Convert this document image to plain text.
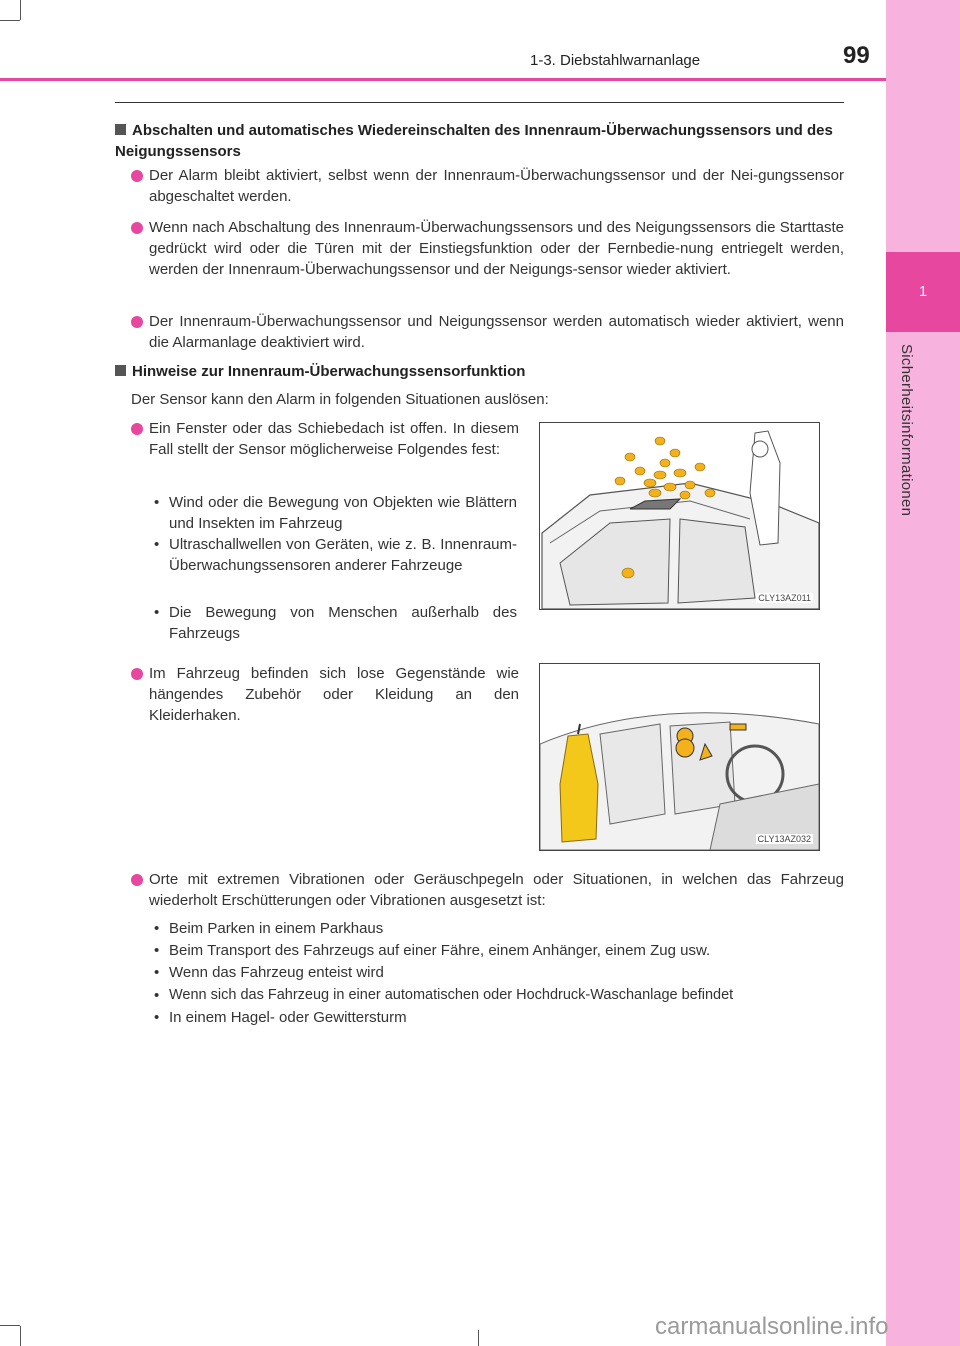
1
Sicherheitsinformationen
1-3. Diebstahlwarnanlage	99
Abschalten und automatisches Wiedereinschalten des Innenraum-Überwachungssensors und des Neigungssensors
Der Alarm bleibt aktiviert, selbst wenn der Innenraum-Überwachungssensor und der Nei-gungssensor abgeschaltet werden.
Wenn nach Abschaltung des Innenraum-Überwachungssensors und des Neigungssensors die Starttaste gedrückt wird oder die Türen mit der Einstiegsfunktion oder der Fernbedie-nung entriegelt werden, werden der Innenraum-Überwachungssensor und der Neigungs-sensor wieder aktiviert.
Der Innenraum-Überwachungssensor und Neigungssensor werden automatisch wieder aktiviert, wenn die Alarmanlage deaktiviert wird.
Hinweise zur Innenraum-Überwachungssensorfunktion
Der Sensor kann den Alarm in folgenden Situationen auslösen:
Ein Fenster oder das Schiebedach ist offen. In diesem Fall stellt der Sensor möglicherweise Folgendes fest:
• Wind oder die Bewegung von Objekten wie Blättern und Insekten im Fahrzeug
• Ultraschallwellen von Geräten, wie z. B. Innenraum-Überwachungssensoren anderer Fahrzeuge
• Die Bewegung von Menschen außerhalb des Fahrzeugs
CLY13AZ011
Im Fahrzeug befinden sich lose Gegenstände wie hängendes Zubehör oder Kleidung an den Kleiderhaken.
CLY13AZ032
Orte mit extremen Vibrationen oder Geräuschpegeln oder Situationen, in welchen das Fahrzeug wiederholt Erschütterungen oder Vibrationen ausgesetzt ist:
• Beim Parken in einem Parkhaus
• Beim Transport des Fahrzeugs auf einer Fähre, einem Anhänger, einem Zug usw.
• Wenn das Fahrzeug enteist wird
• Wenn sich das Fahrzeug in einer automatischen oder Hochdruck-Waschanlage befindet
• In einem Hagel- oder Gewittersturm
carmanualsonline.info
